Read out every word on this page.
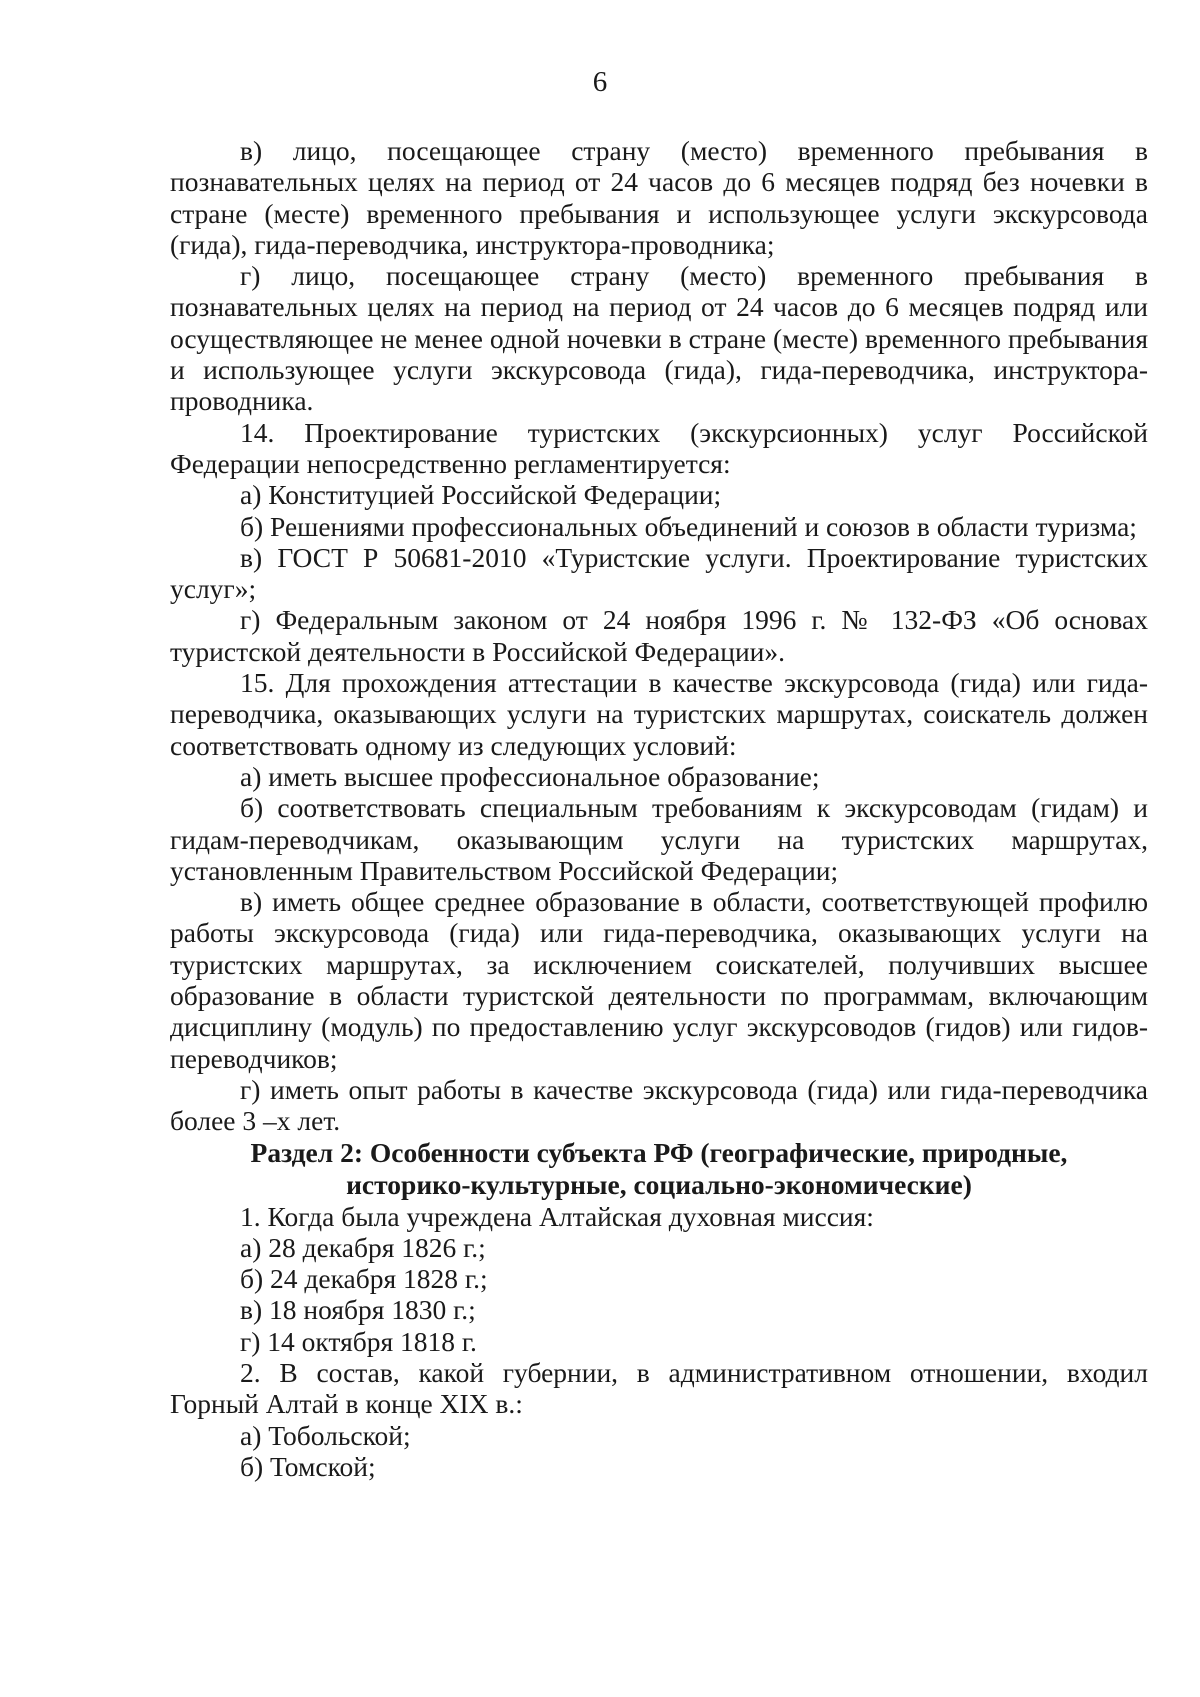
6

в) лицо, посещающее страну (место) временного пребывания в познавательных целях на период от 24 часов до 6 месяцев подряд без ночевки в стране (месте) временного пребывания и использующее услуги экскурсовода (гида), гида-переводчика, инструктора-проводника;

г) лицо, посещающее страну (место) временного пребывания в познавательных целях на период на период от 24 часов до 6 месяцев подряд или осуществляющее не менее одной ночевки в стране (месте) временного пребывания и использующее услуги экскурсовода (гида), гида-переводчика, инструктора-проводника.

14. Проектирование туристских (экскурсионных) услуг Российской Федерации непосредственно регламентируется:

а) Конституцией Российской Федерации;

б) Решениями профессиональных объединений и союзов в области туризма;

в) ГОСТ Р 50681-2010 «Туристские услуги. Проектирование туристских услуг»;

г) Федеральным законом от 24 ноября 1996 г. № 132-ФЗ «Об основах туристской деятельности в Российской Федерации».

15. Для прохождения аттестации в качестве экскурсовода (гида) или гида-переводчика, оказывающих услуги на туристских маршрутах, соискатель должен соответствовать одному из следующих условий:

а) иметь высшее профессиональное образование;

б) соответствовать специальным требованиям к экскурсоводам (гидам) и гидам-переводчикам, оказывающим услуги на туристских маршрутах, установленным Правительством Российской Федерации;

в) иметь общее среднее образование в области, соответствующей профилю работы экскурсовода (гида) или гида-переводчика, оказывающих услуги на туристских маршрутах, за исключением соискателей, получивших высшее образование в области туристской деятельности по программам, включающим дисциплину (модуль) по предоставлению услуг экскурсоводов (гидов) или гидов-переводчиков;

г) иметь опыт работы в качестве экскурсовода (гида) или гида-переводчика более 3 –х лет.

Раздел 2: Особенности субъекта РФ (географические, природные, историко-культурные, социально-экономические)

1. Когда была учреждена Алтайская духовная миссия:

а) 28 декабря 1826 г.;

б) 24 декабря 1828 г.;

в) 18 ноября 1830 г.;

г) 14 октября 1818 г.

2. В состав, какой губернии, в административном отношении, входил Горный Алтай в конце XIX в.:

а) Тобольской;

б) Томской;
